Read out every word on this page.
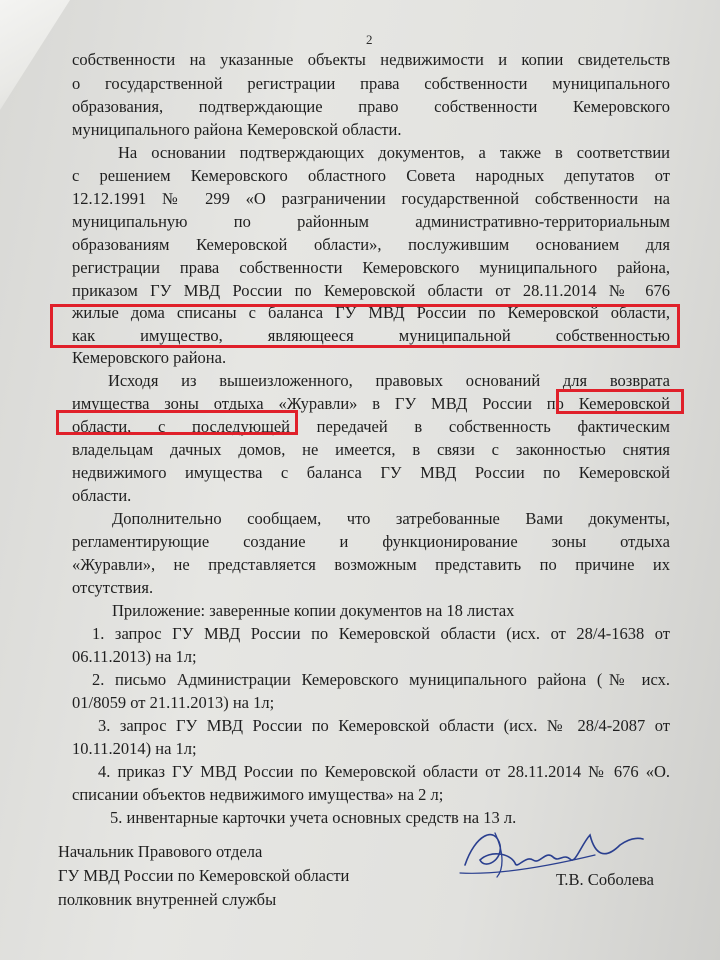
2
собственности на указанные объекты недвижимости и копии свидетельств
о государственной регистрации права собственности муниципального
образования, подтверждающие право собственности Кемеровского
муниципального района Кемеровской области.
На основании подтверждающих документов, а также в соответствии
с решением Кемеровского областного Совета народных депутатов от
12.12.1991 № 299 «О разграничении государственной собственности на
муниципальную по районным административно-территориальным
образованиям Кемеровской области», послужившим основанием для
регистрации права собственности Кемеровского муниципального района,
приказом ГУ МВД России по Кемеровской области от 28.11.2014 № 676
жилые дома списаны с баланса ГУ МВД России по Кемеровской области,
как имущество, являющееся муниципальной собственностью
Кемеровского района.
Исходя из вышеизложенного, правовых оснований для возврата
имущества зоны отдыха «Журавли» в ГУ МВД России по Кемеровской
области, с последующей передачей в собственность фактическим
владельцам дачных домов, не имеется, в связи с законностью снятия
недвижимого имущества с баланса ГУ МВД России по Кемеровской
области.
Дополнительно сообщаем, что затребованные Вами документы,
регламентирующие создание и функционирование зоны отдыха
«Журавли», не представляется возможным представить по причине их
отсутствия.
Приложение: заверенные копии документов на 18 листах
1. запрос ГУ МВД России по Кемеровской области (исх. от 28/4-1638 от
06.11.2013) на 1л;
2. письмо Администрации Кемеровского муниципального района (№ исх.
01/8059 от 21.11.2013) на 1л;
3. запрос ГУ МВД России по Кемеровской области (исх. № 28/4-2087 от
10.11.2014) на 1л;
4. приказ ГУ МВД России по Кемеровской области от 28.11.2014 № 676 «О.
списании объектов недвижимого имущества» на 2 л;
5. инвентарные карточки учета основных средств на 13 л.
Начальник Правового отдела
ГУ МВД России по Кемеровской области
полковник внутренней службы
Т.В. Соболева
